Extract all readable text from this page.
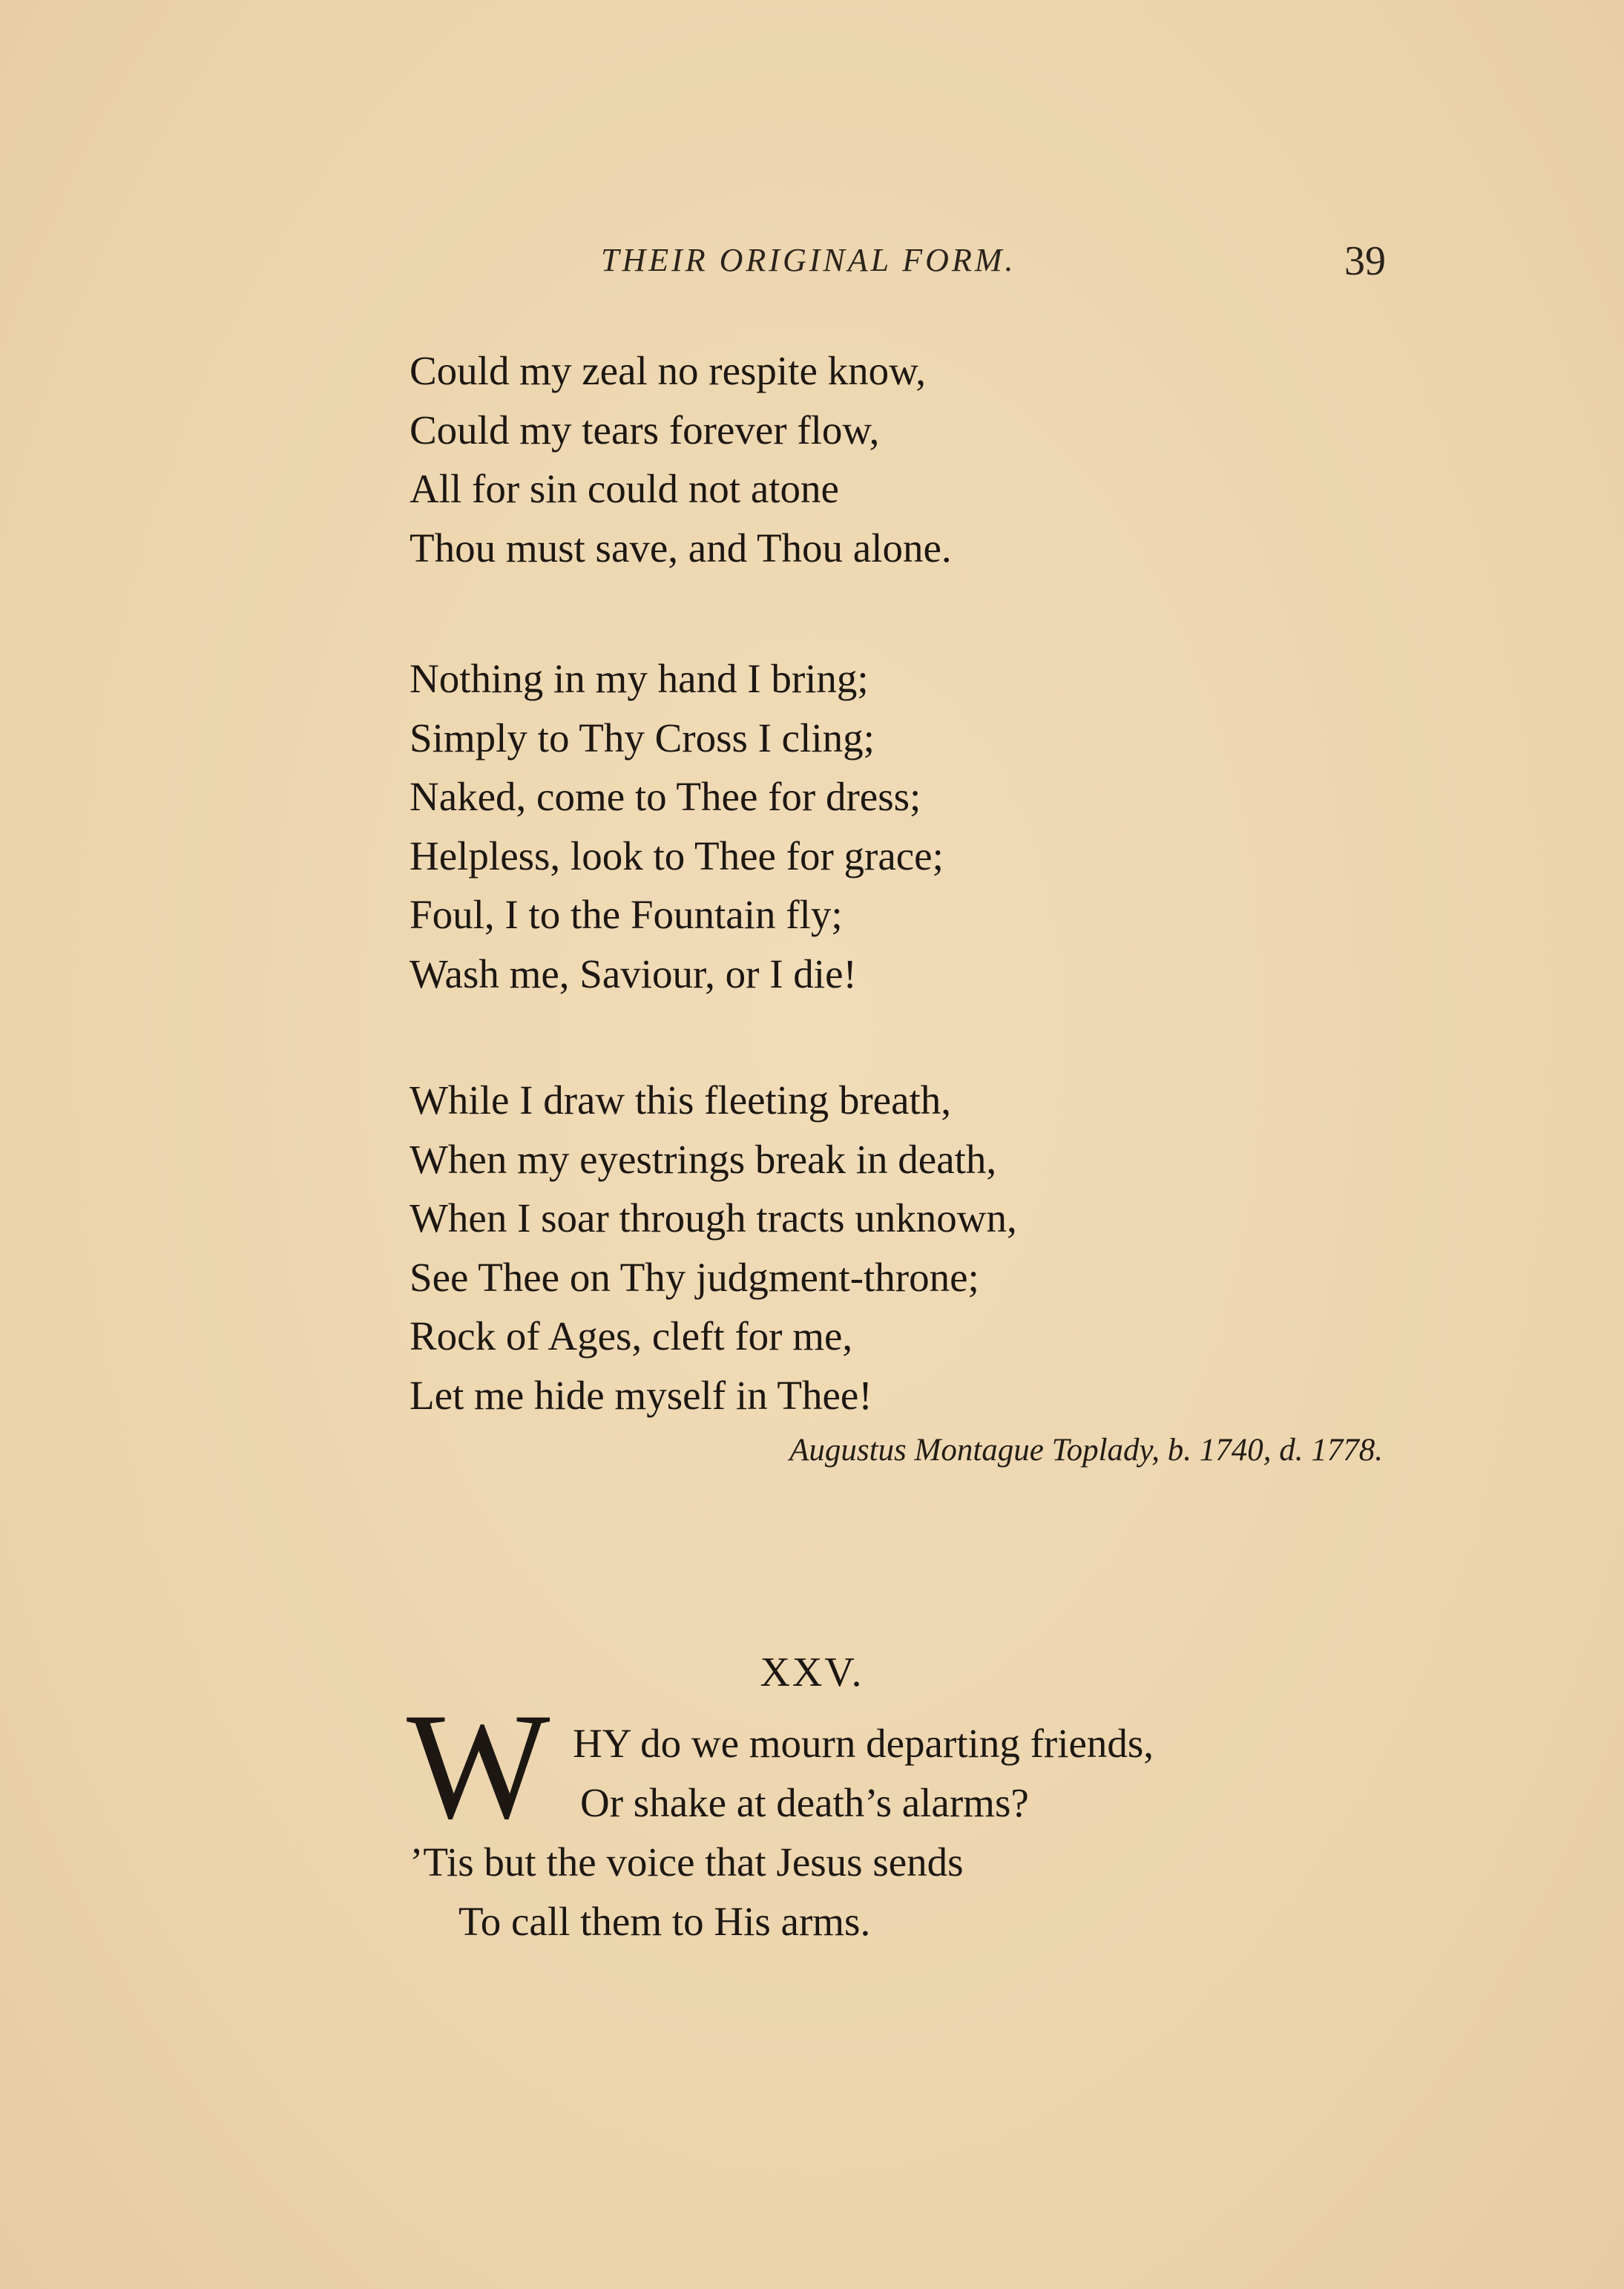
THEIR ORIGINAL FORM.	39
Could my zeal no respite know,
Could my tears forever flow,
All for sin could not atone
Thou must save, and Thou alone.
Nothing in my hand I bring;
Simply to Thy Cross I cling;
Naked, come to Thee for dress;
Helpless, look to Thee for grace;
Foul, I to the Fountain fly;
Wash me, Saviour, or I die!
While I draw this fleeting breath,
When my eyestrings break in death,
When I soar through tracts unknown,
See Thee on Thy judgment-throne;
Rock of Ages, cleft for me,
Let me hide myself in Thee!
Augustus Montague Toplady, b. 1740, d. 1778.
XXV.
W HY do we mourn departing friends,
Or shake at death’s alarms?
’Tis but the voice that Jesus sends
To call them to His arms.
